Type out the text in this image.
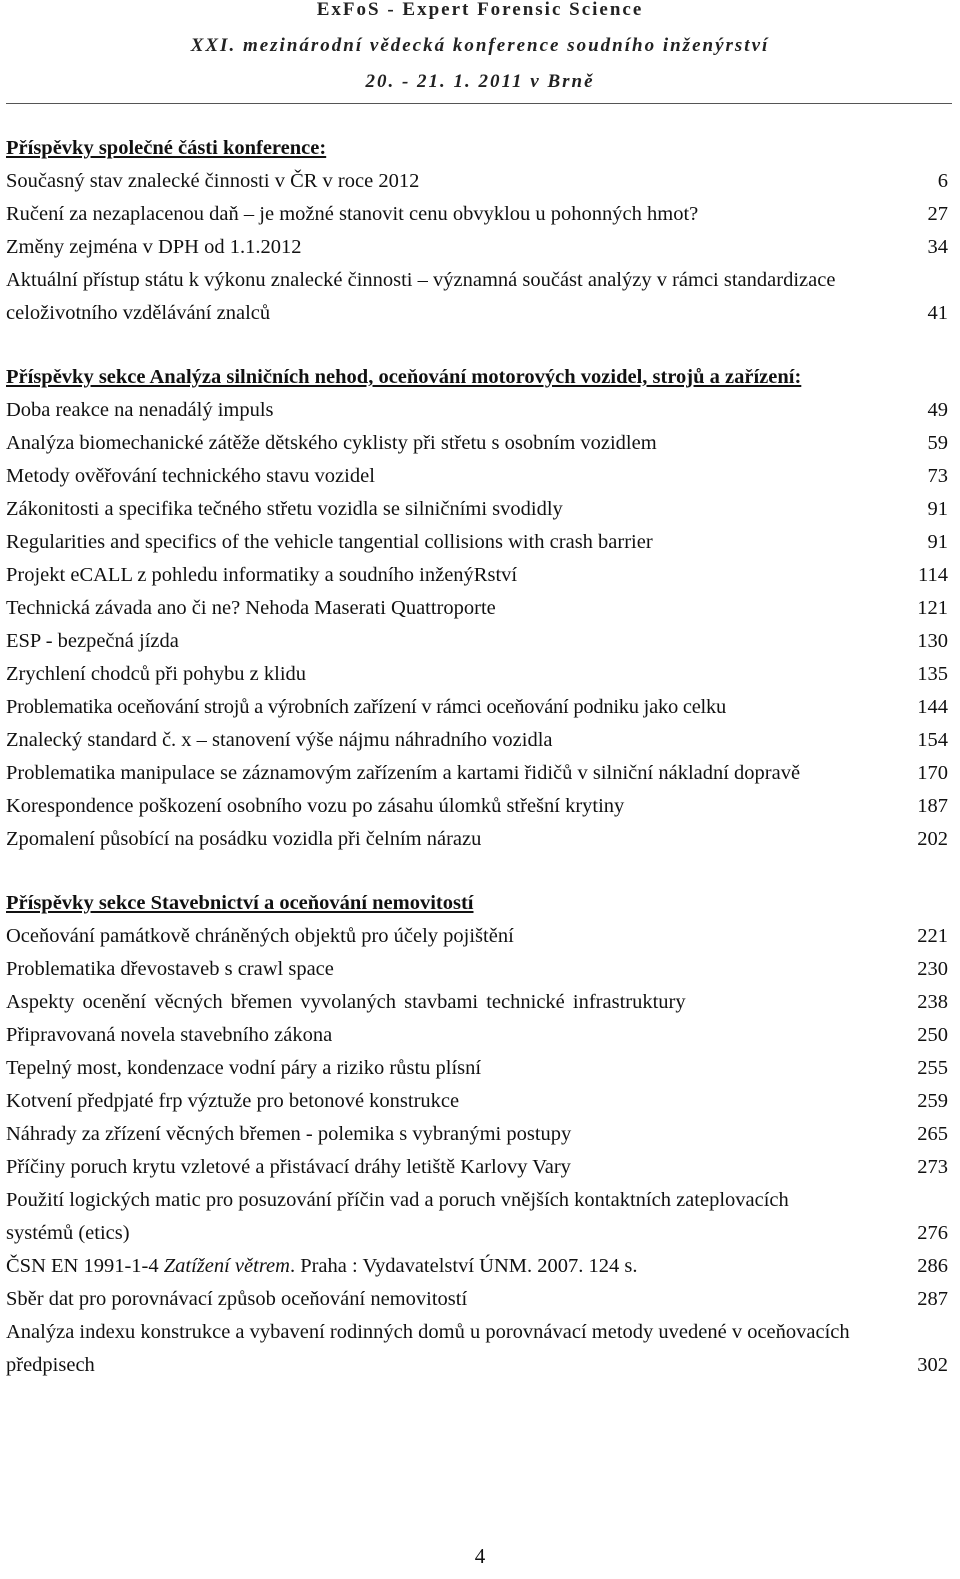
ExFoS - Expert Forensic Science
XXI. mezinárodní vědecká konference soudního inženýrství
20. - 21. 1. 2011 v Brně
Příspěvky společné části konference:
Současný stav znalecké činnosti v ČR v roce 2012	6
Ručení za nezaplacenou daň – je možné stanovit cenu obvyklou u pohonných hmot?	27
Změny zejména v DPH od 1.1.2012	34
Aktuální přístup státu k výkonu znalecké činnosti – významná součást analýzy v rámci standardizace celoživotního vzdělávání znalců	41
Příspěvky sekce Analýza silničních nehod, oceňování motorových vozidel, strojů a zařízení:
Doba reakce na nenadálý impuls	49
Analýza biomechanické zátěže dětského cyklisty při střetu s osobním vozidlem	59
Metody ověřování technického stavu vozidel	73
Zákonitosti a specifika tečného střetu vozidla se silničními svodidly	91
Regularities and specifics of the vehicle tangential collisions with crash barrier	91
Projekt eCALL z pohledu informatiky a soudního inženýRství	114
Technická závada ano či ne? Nehoda Maserati Quattroporte	121
ESP - bezpečná jízda	130
Zrychlení chodců při pohybu z klidu	135
Problematika oceňování strojů a výrobních zařízení v rámci oceňování podniku jako celku	144
Znalecký standard č. x – stanovení výše nájmu náhradního vozidla	154
Problematika manipulace se záznamovým zařízením a kartami řidičů v silniční nákladní dopravě	170
Korespondence poškození osobního vozu po zásahu úlomků střešní krytiny	187
Zpomalení působící na posádku vozidla při čelním nárazu	202
Příspěvky sekce Stavebnictví a oceňování nemovitostí
Oceňování památkově chráněných objektů pro účely pojištění	221
Problematika dřevostaveb s crawl space	230
Aspekty ocenění věcných břemen vyvolaných stavbami technické infrastruktury	238
Připravovaná novela stavebního zákona	250
Tepelný most, kondenzace vodní páry a riziko růstu plísní	255
Kotvení předpjaté frp výztuže pro betonové konstrukce	259
Náhrady za zřízení věcných břemen - polemika s vybranými postupy	265
Příčiny poruch krytu vzletové a přistávací dráhy letiště Karlovy Vary	273
Použití logických matic pro posuzování příčin vad a poruch vnějších kontaktních zateplovacích systémů (etics)	276
ČSN EN 1991-1-4 Zatížení větrem. Praha : Vydavatelství ÚNM. 2007. 124 s.	286
Sběr dat pro porovnávací způsob oceňování nemovitostí	287
Analýza indexu konstrukce a vybavení rodinných domů u porovnávací metody uvedené v oceňovacích předpisech	302
4
